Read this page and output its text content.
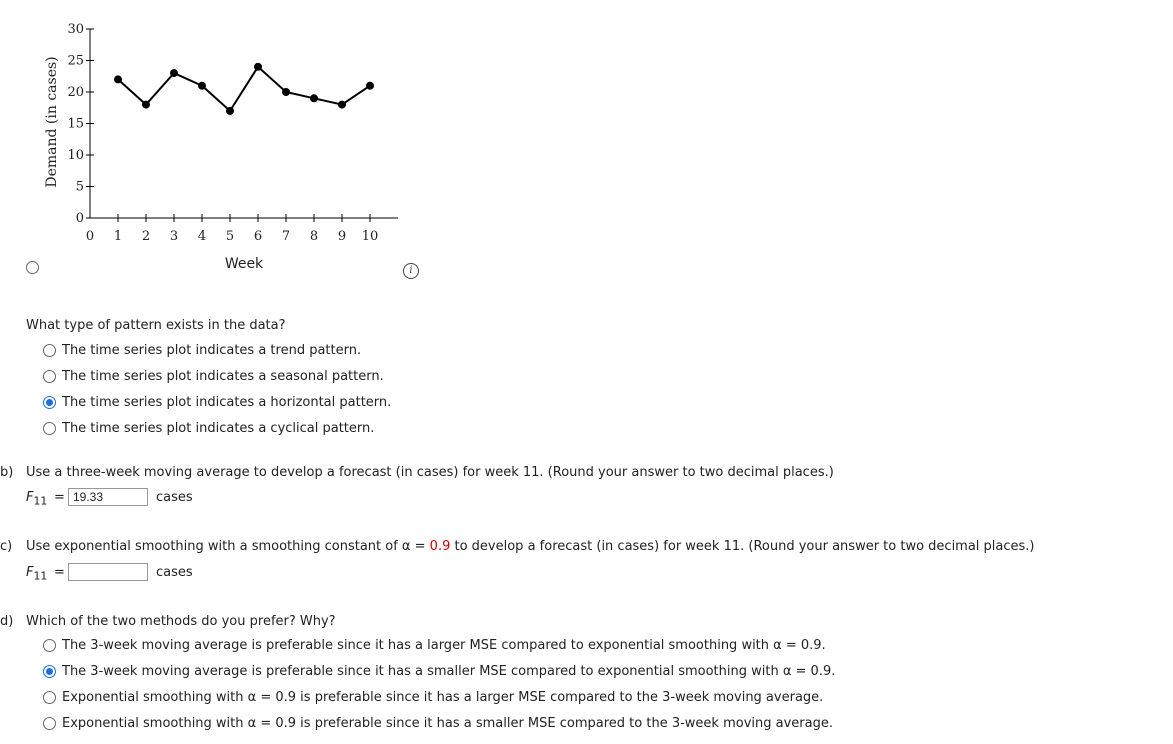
0
5
10
15
20
25
30
0 1 2 3 4 5 6 7 8 9 10
Week
Demand (in cases)
i
What type of pattern exists in the data?
The time series plot indicates a trend pattern.
The time series plot indicates a seasonal pattern.
The time series plot indicates a horizontal pattern.
The time series plot indicates a cyclical pattern.
b) Use a three-week moving average to develop a forecast (in cases) for week 11. (Round your answer to two decimal places.)
$F_{11}$ =
19.33	cases
c) Use exponential smoothing with a smoothing constant of α = 0.9 to develop a forecast (in cases) for week 11. (Round your answer to two decimal places.)
$F_{11}$ =	cases
d) Which of the two methods do you prefer? Why?
The 3-week moving average is preferable since it has a larger MSE compared to exponential smoothing with α = 0.9.
The 3-week moving average is preferable since it has a smaller MSE compared to exponential smoothing with α = 0.9.
Exponential smoothing with α = 0.9 is preferable since it has a larger MSE compared to the 3-week moving average.
Exponential smoothing with α = 0.9 is preferable since it has a smaller MSE compared to the 3-week moving average.
